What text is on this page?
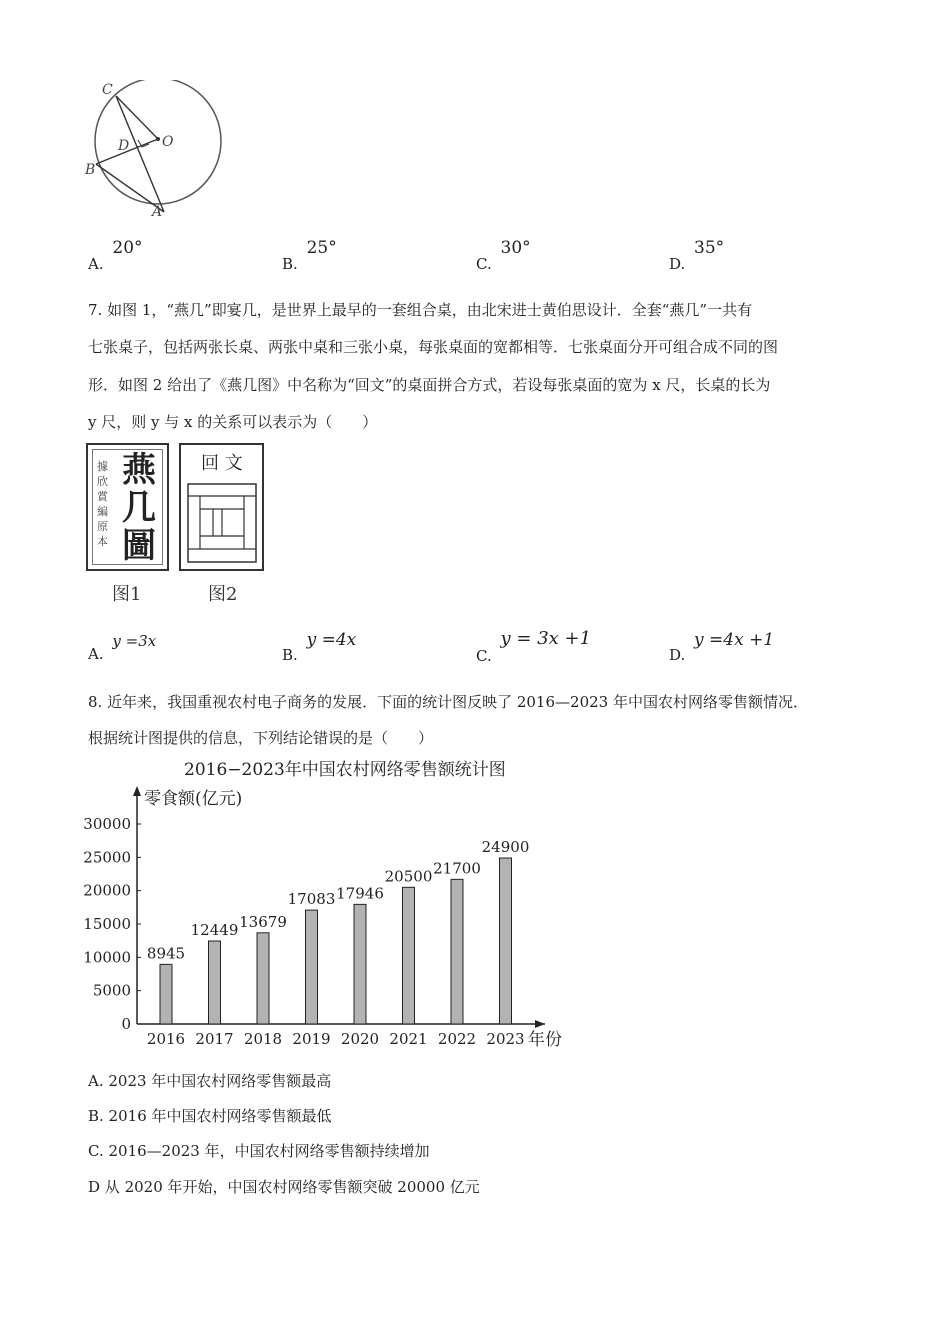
C
D O
B
A
A. 20°
B. 25°
C. 30°
D. 35°
7. 如图 1，“燕几”即宴几，是世界上最早的一套组合桌，由北宋进士黄伯思设计．全套“燕几”一共有
七张桌子，包括两张长桌、两张中桌和三张小桌，每张桌面的宽都相等．七张桌面分开可组合成不同的图
形．如图 2 给出了《燕几图》中名称为“回文”的桌面拼合方式，若设每张桌面的宽为 x 尺，长桌的长为
y 尺，则 y 与 x 的关系可以表示为（　　）
據欣賞編原本
燕
几
圖
图1
回 文
图2
A. y =3x
B. y =4x
C. y = 3x +1
D. y =4x +1
8. 近年来，我国重视农村电子商务的发展．下面的统计图反映了 2016—2023 年中国农村网络零售额情况．
根据统计图提供的信息，下列结论错误的是（　　）
2016−2023年中国农村网络零售额统计图
零食额(亿元)
年份
0
5000
10000
15000
20000
25000
30000
8945
2016
12449
2017
13679
2018
17083
2019
17946
2020
20500
2021
21700
2022
24900
2023
A. 2023 年中国农村网络零售额最高
B. 2016 年中国农村网络零售额最低
C. 2016—2023 年，中国农村网络零售额持续增加
D 从 2020 年开始，中国农村网络零售额突破 20000 亿元
